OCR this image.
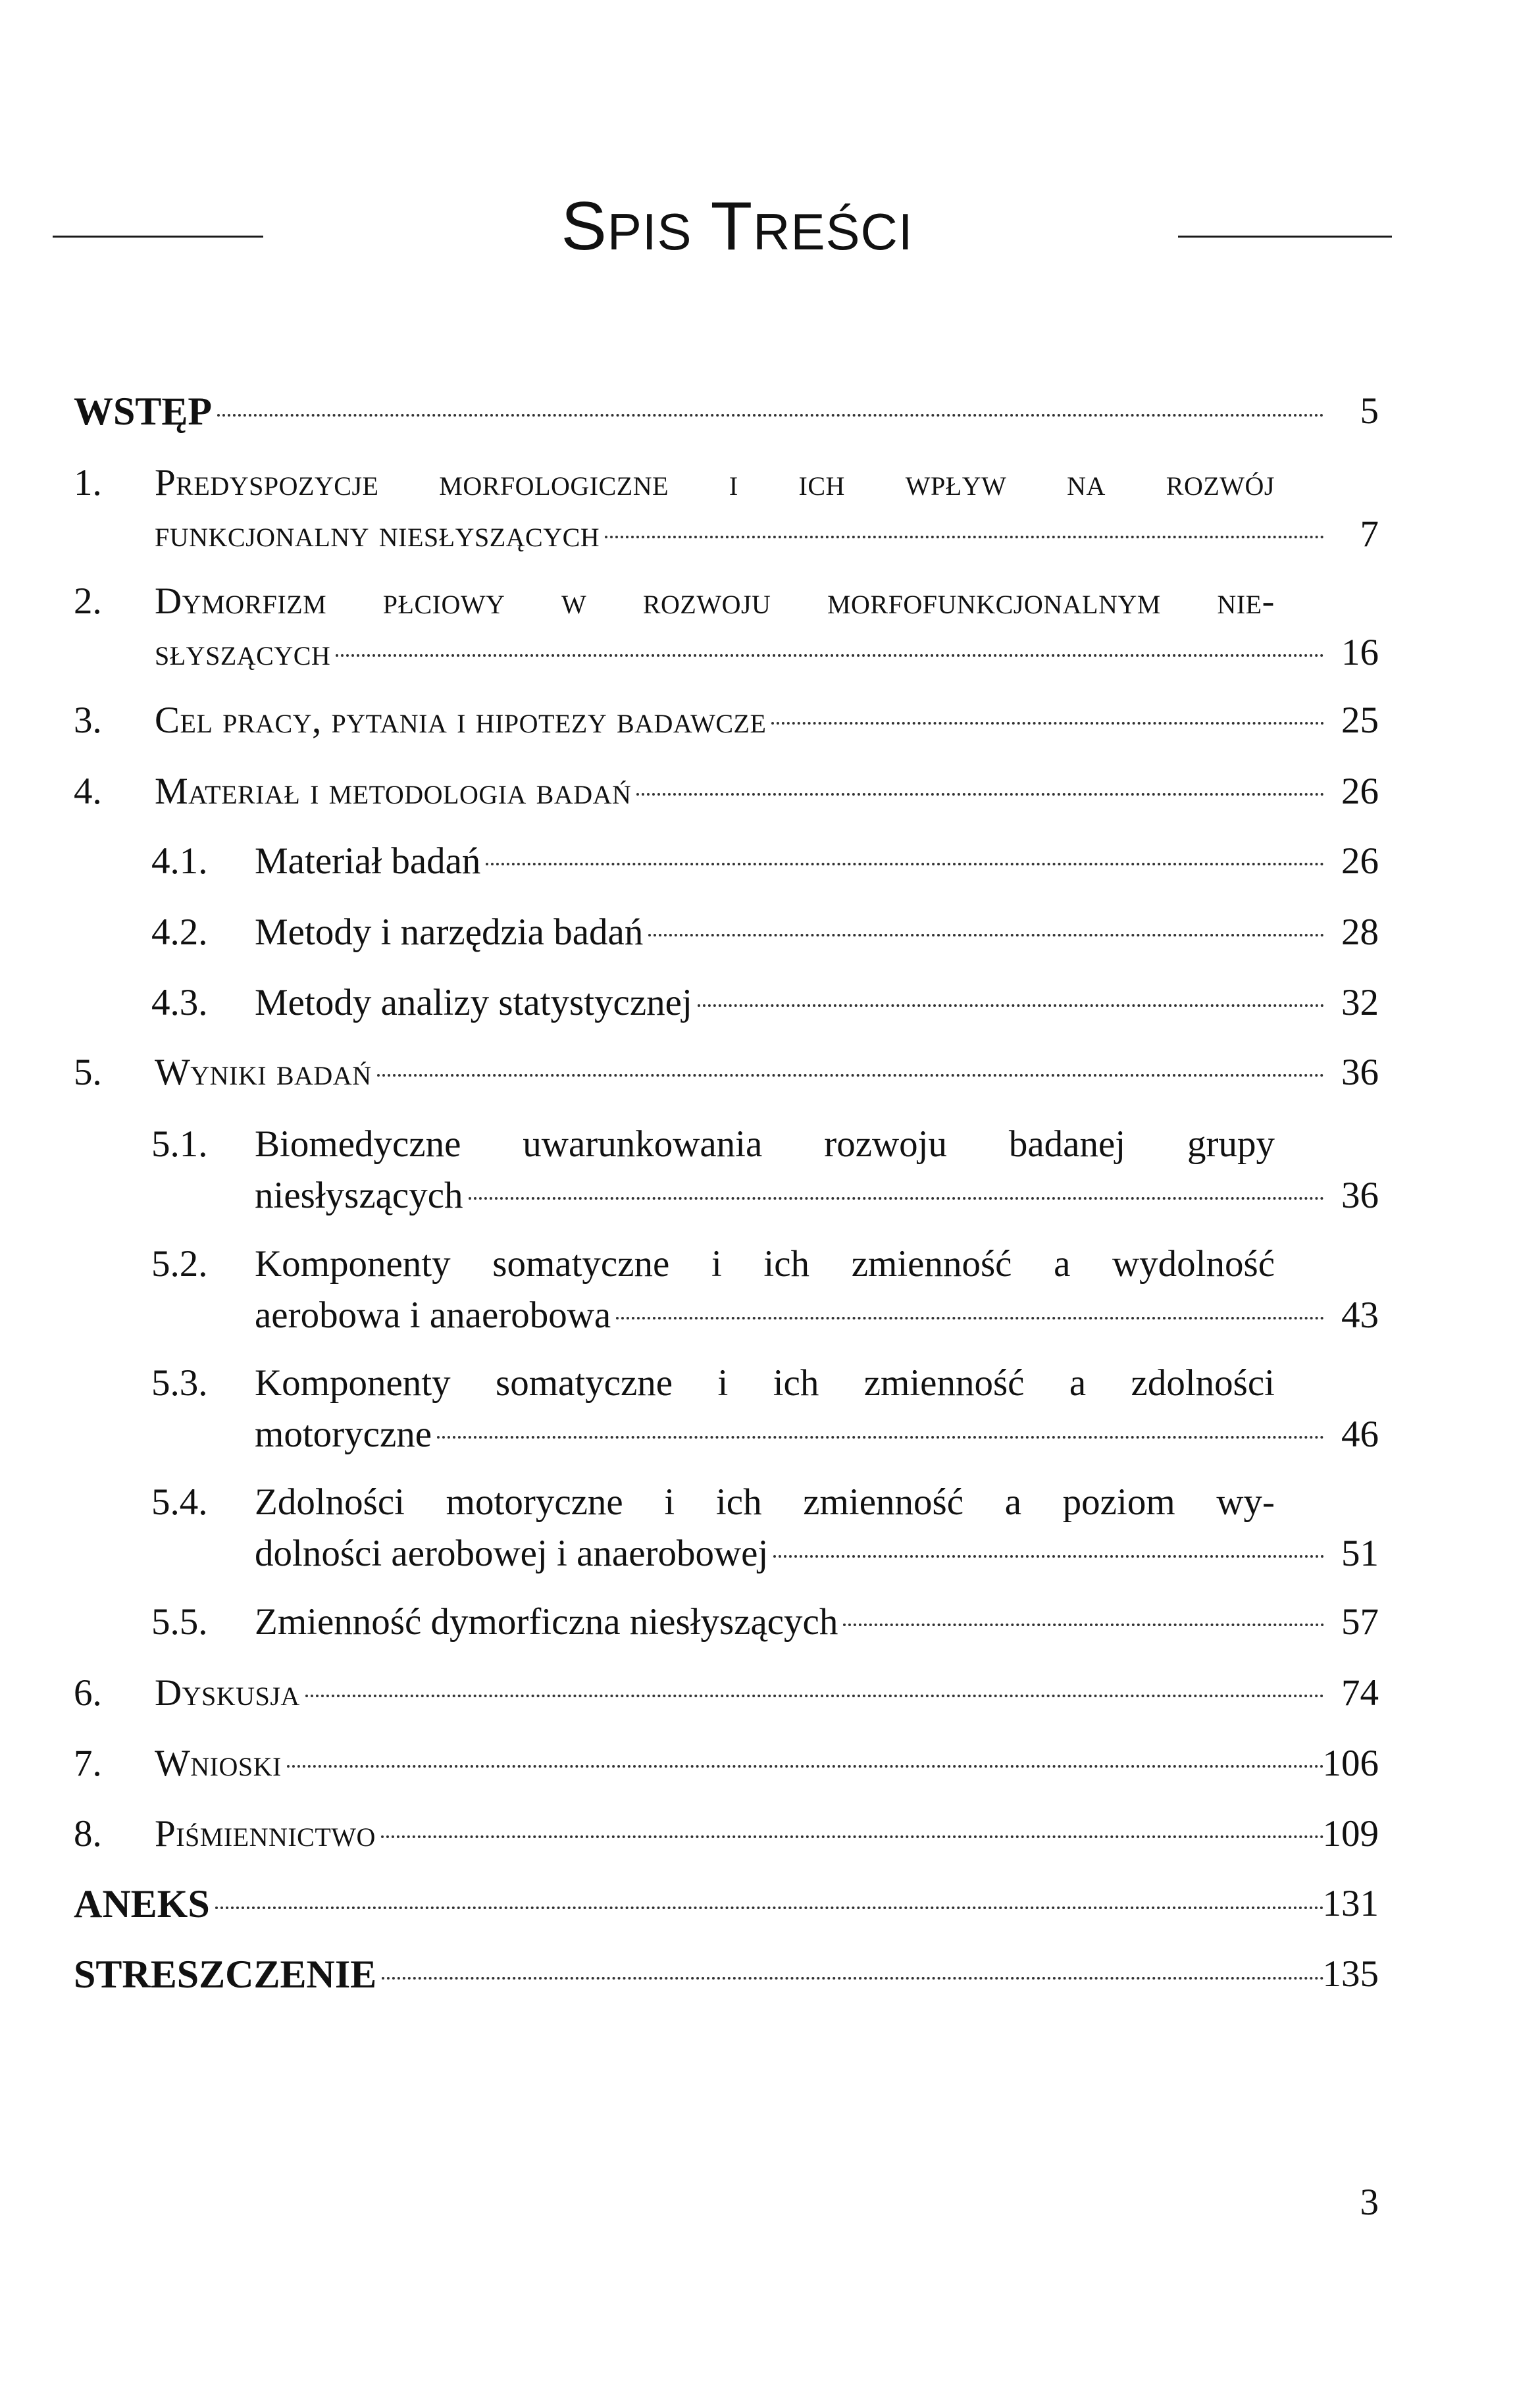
SPIS TREŚCI
WSTĘP	5
1. Predyspozycje morfologiczne i ich wpływ na rozwój
funkcjonalny niesłyszących	7
2. Dymorfizm płciowy w rozwoju morfofunkcjonalnym nie-
słyszących	16
3. Cel pracy, pytania i hipotezy badawcze	25
4. Materiał i metodologia badań	26
4.1. Materiał badań	26
4.2. Metody i narzędzia badań	28
4.3. Metody analizy statystycznej	32
5. Wyniki badań	36
5.1. Biomedyczne uwarunkowania rozwoju badanej grupy
niesłyszących	36
5.2. Komponenty somatyczne i ich zmienność a wydolność
aerobowa i anaerobowa	43
5.3. Komponenty somatyczne i ich zmienność a zdolności
motoryczne	46
5.4. Zdolności motoryczne i ich zmienność a poziom wy-
dolności aerobowej i anaerobowej	51
5.5. Zmienność dymorficzna niesłyszących	57
6. Dyskusja	74
7. Wnioski	106
8. Piśmiennictwo	109
ANEKS	131
STRESZCZENIE	135
3
